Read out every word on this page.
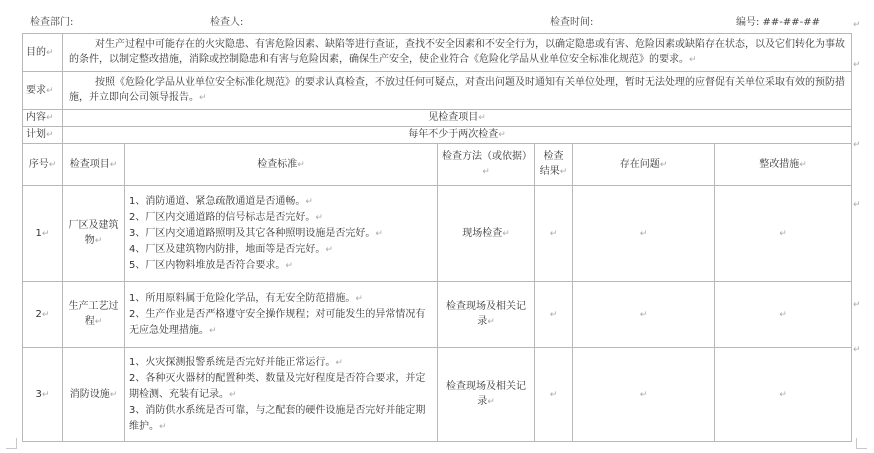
检查部门:	检查人:	检查时间:	编号: ##-##-##
目的↵	对生产过程中可能存在的火灾隐患、有害危险因素、缺陷等进行查证，查找不安全因素和不安全行为，以确定隐患或有害、危险因素或缺陷存在状态，以及它们转化为事故的条件，以制定整改措施，消除或控制隐患和有害与危险因素，确保生产安全，使企业符合《危险化学品从业单位安全标准化规范》的要求。↵					
要求↵	按照《危险化学品从业单位安全标准化规范》的要求认真检查，不放过任何可疑点，对查出问题及时通知有关单位处理，暂时无法处理的应督促有关单位采取有效的预防措施，并立即向公司领导报告。↵					
内容↵	见检查项目↵					
计划↵	每年不少于两次检查↵					
序号↵	检查项目↵	检查标准↵	检查方法（或依据）↵	检查结果↵	存在问题↵	整改措施↵
1↵	厂区及建筑物↵	1、消防通道、紧急疏散通道是否通畅。↵
2、厂区内交通道路的信号标志是否完好。↵
3、厂区内交通道路照明及其它各种照明设施是否完好。↵
4、厂区及建筑物内防排，地面等是否完好。↵
5、厂区内物料堆放是否符合要求。↵	现场检查↵	↵	↵	↵
2↵	生产工艺过程↵	1、所用原料属于危险化学品，有无安全防范措施。↵
2、生产作业是否严格遵守安全操作规程；对可能发生的异常情况有无应急处理措施。↵	检查现场及相关记录↵	↵	↵	↵
3↵	消防设施↵	1、火灾探测报警系统是否完好并能正常运行。↵
2、各种灭火器材的配置种类、数量及完好程度是否符合要求，并定期检测、充装有记录。↵
3、消防供水系统是否可靠，与之配套的硬件设施是否完好并能定期维护。↵	检查现场及相关记录↵	↵	↵	↵
↵
↵
↵
↵
↵
↵
